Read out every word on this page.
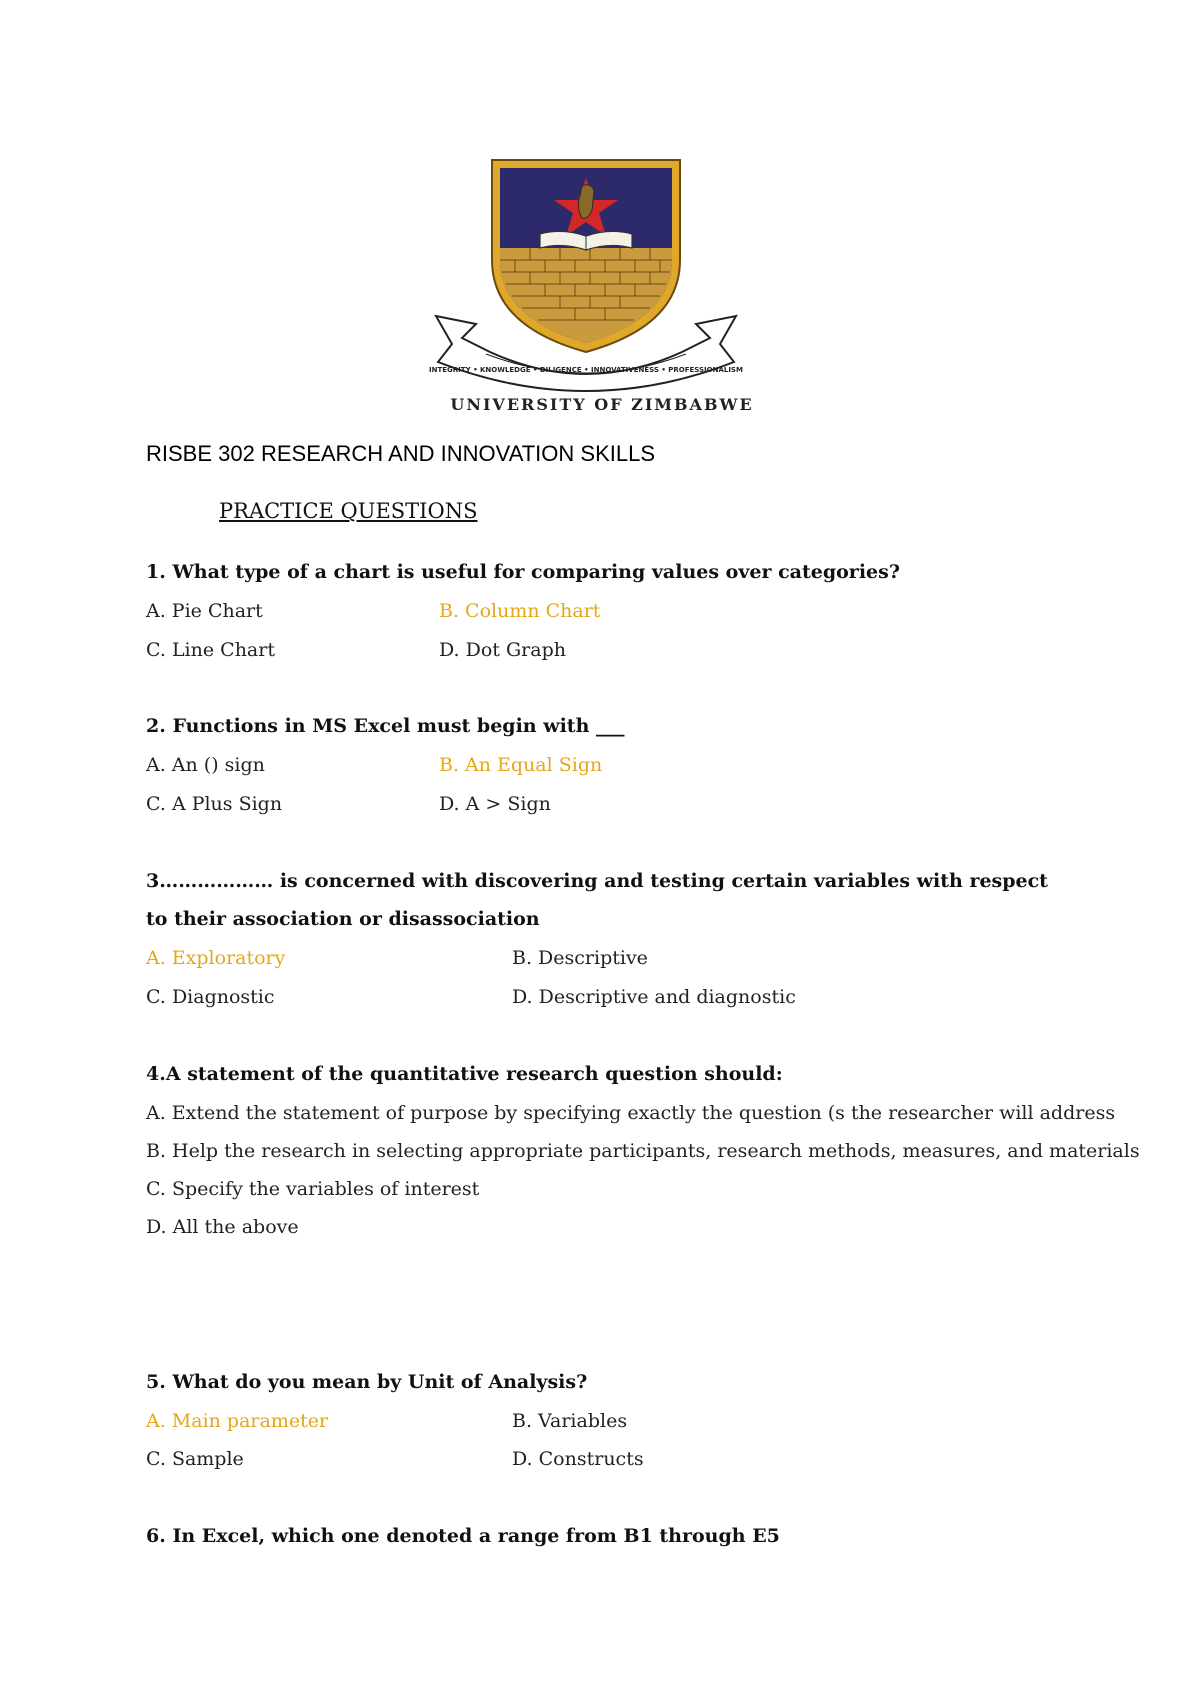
INTEGRITY • KNOWLEDGE • DILIGENCE • INNOVATIVENESS • PROFESSIONALISM
UNIVERSITY OF ZIMBABWE
RISBE 302 RESEARCH AND INNOVATION SKILLS
PRACTICE QUESTIONS
1. What type of a chart is useful for comparing values over categories?
A. Pie Chart	B. Column Chart
C. Line Chart	D. Dot Graph
2. Functions in MS Excel must begin with ___
A. An () sign	B. An Equal Sign
C. A Plus Sign	D. A > Sign
3……………… is concerned with discovering and testing certain variables with respect
to their association or disassociation
A. Exploratory	B. Descriptive
C. Diagnostic	D. Descriptive and diagnostic
4.A statement of the quantitative research question should:
A. Extend the statement of purpose by specifying exactly the question (s the researcher will address
B. Help the research in selecting appropriate participants, research methods, measures, and materials
C. Specify the variables of interest
D. All the above
5. What do you mean by Unit of Analysis?
A. Main parameter	B. Variables
C. Sample	D. Constructs
6. In Excel, which one denoted a range from B1 through E5
